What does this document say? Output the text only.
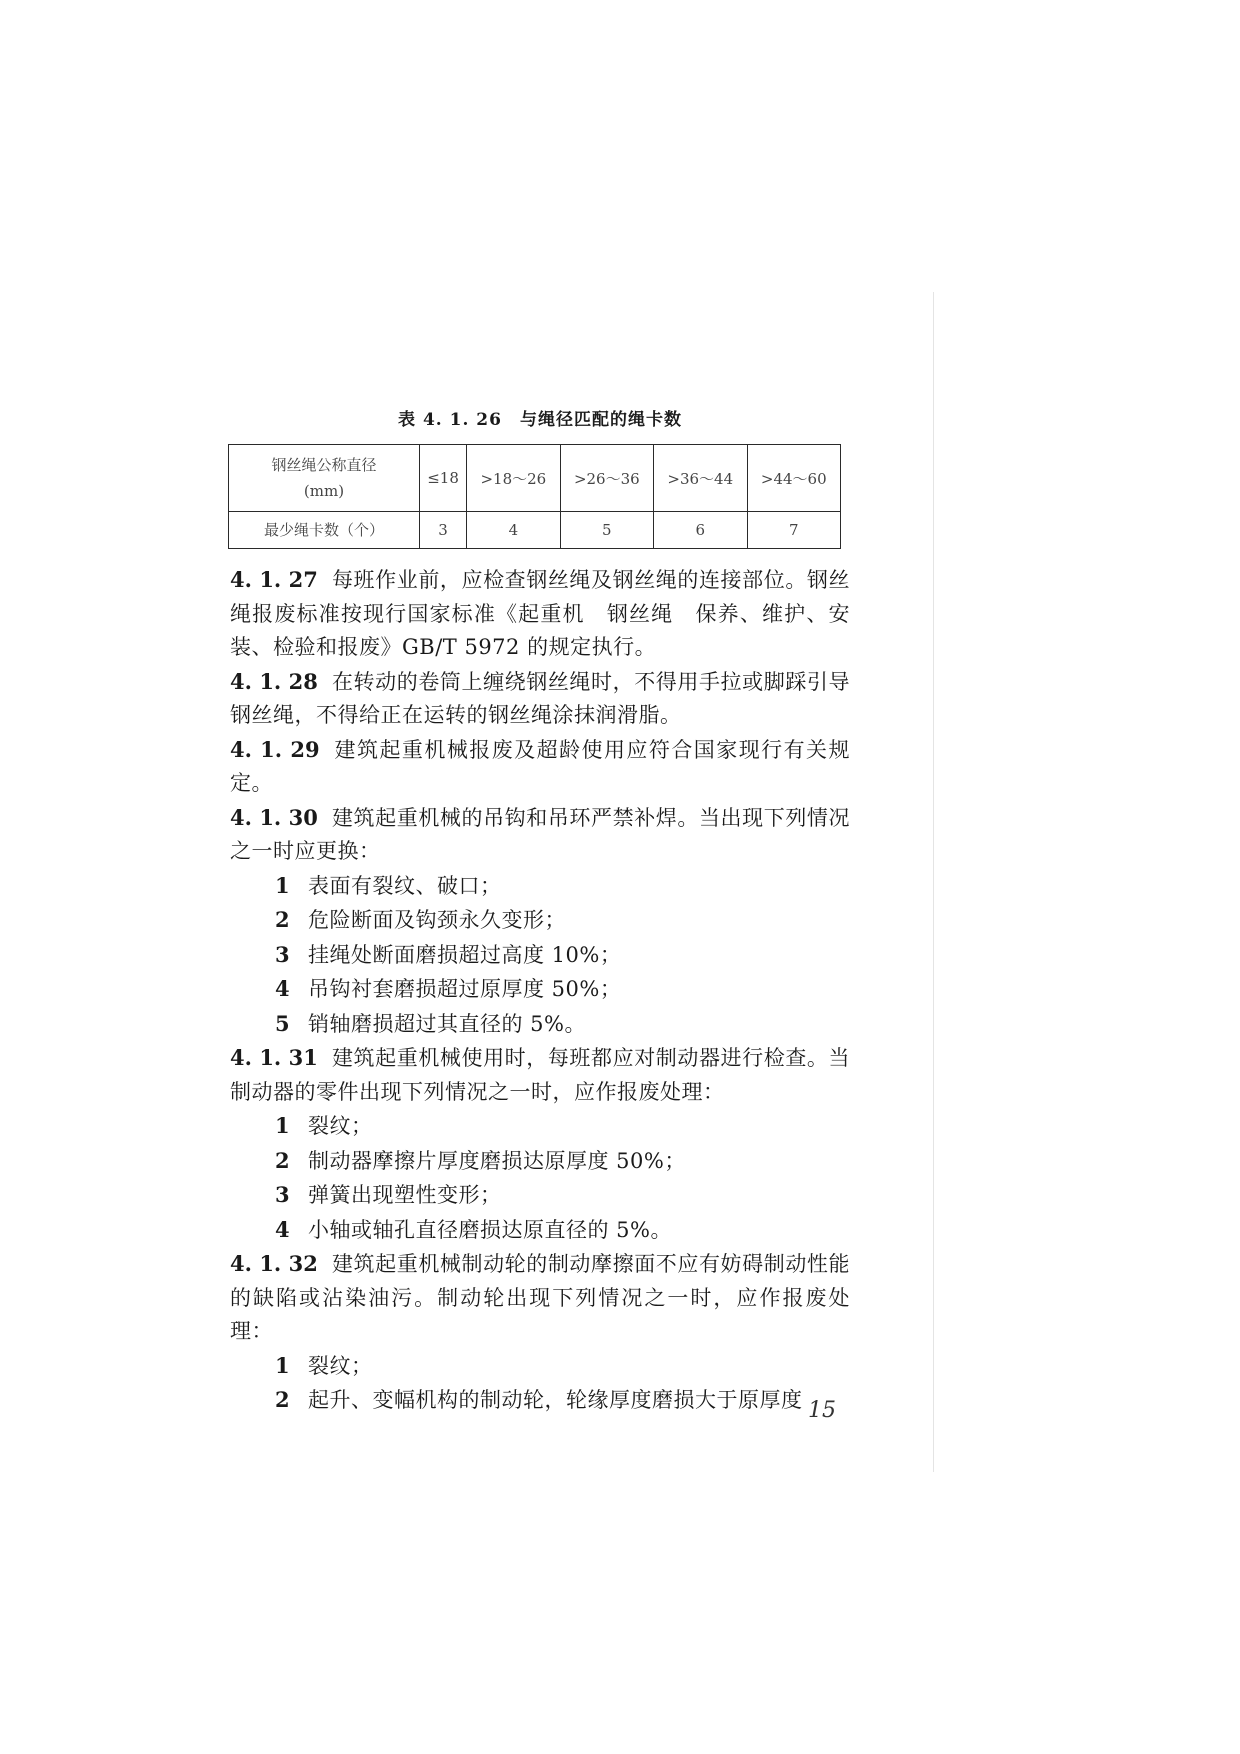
表 4. 1. 26　与绳径匹配的绳卡数

钢丝绳公称直径
(mm)	≤18	>18～26	>26～36	>36～44	>44～60
最少绳卡数（个）	3	4	5	6	7

4. 1. 27 每班作业前，应检查钢丝绳及钢丝绳的连接部位。钢丝绳报废标准按现行国家标准《起重机　钢丝绳　保养、维护、安装、检验和报废》GB/T 5972 的规定执行。

4. 1. 28 在转动的卷筒上缠绕钢丝绳时，不得用手拉或脚踩引导钢丝绳，不得给正在运转的钢丝绳涂抹润滑脂。

4. 1. 29 建筑起重机械报废及超龄使用应符合国家现行有关规定。

4. 1. 30 建筑起重机械的吊钩和吊环严禁补焊。当出现下列情况之一时应更换：

1 表面有裂纹、破口；

2 危险断面及钩颈永久变形；

3 挂绳处断面磨损超过高度 10%；

4 吊钩衬套磨损超过原厚度 50%；

5 销轴磨损超过其直径的 5%。

4. 1. 31 建筑起重机械使用时，每班都应对制动器进行检查。当制动器的零件出现下列情况之一时，应作报废处理：

1 裂纹；

2 制动器摩擦片厚度磨损达原厚度 50%；

3 弹簧出现塑性变形；

4 小轴或轴孔直径磨损达原直径的 5%。

4. 1. 32 建筑起重机械制动轮的制动摩擦面不应有妨碍制动性能的缺陷或沾染油污。制动轮出现下列情况之一时，应作报废处理：

1 裂纹；

2 起升、变幅机构的制动轮，轮缘厚度磨损大于原厚度 15
